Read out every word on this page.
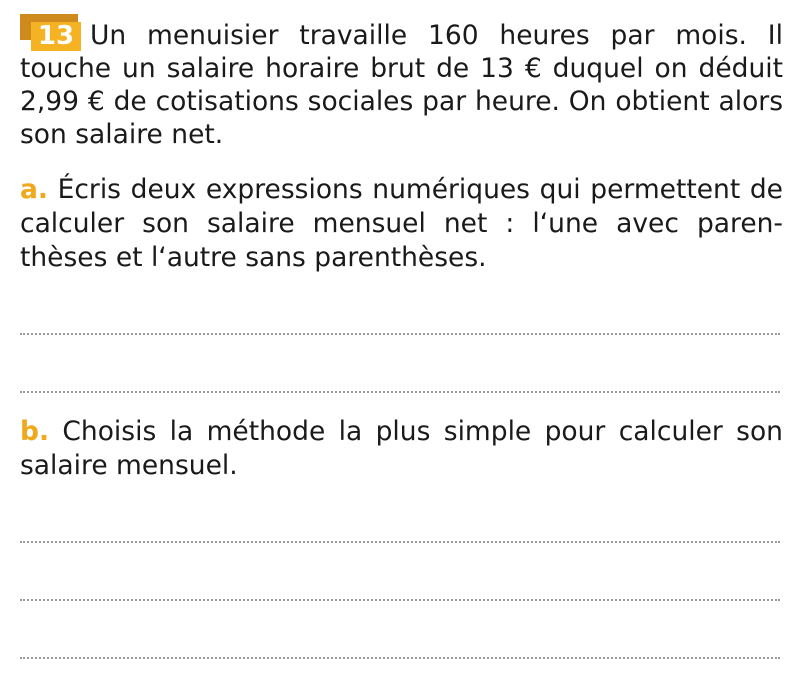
13 Un menuisier travaille 160 heures par mois. Il touche un salaire horaire brut de 13 € duquel on déduit 2,99 € de cotisations sociales par heure. On obtient alors son salaire net.

a. Écris deux expressions numériques qui permettent de calculer son salaire mensuel net : l‘une avec paren-thèses et l‘autre sans parenthèses.

b. Choisis la méthode la plus simple pour calculer son salaire mensuel.
